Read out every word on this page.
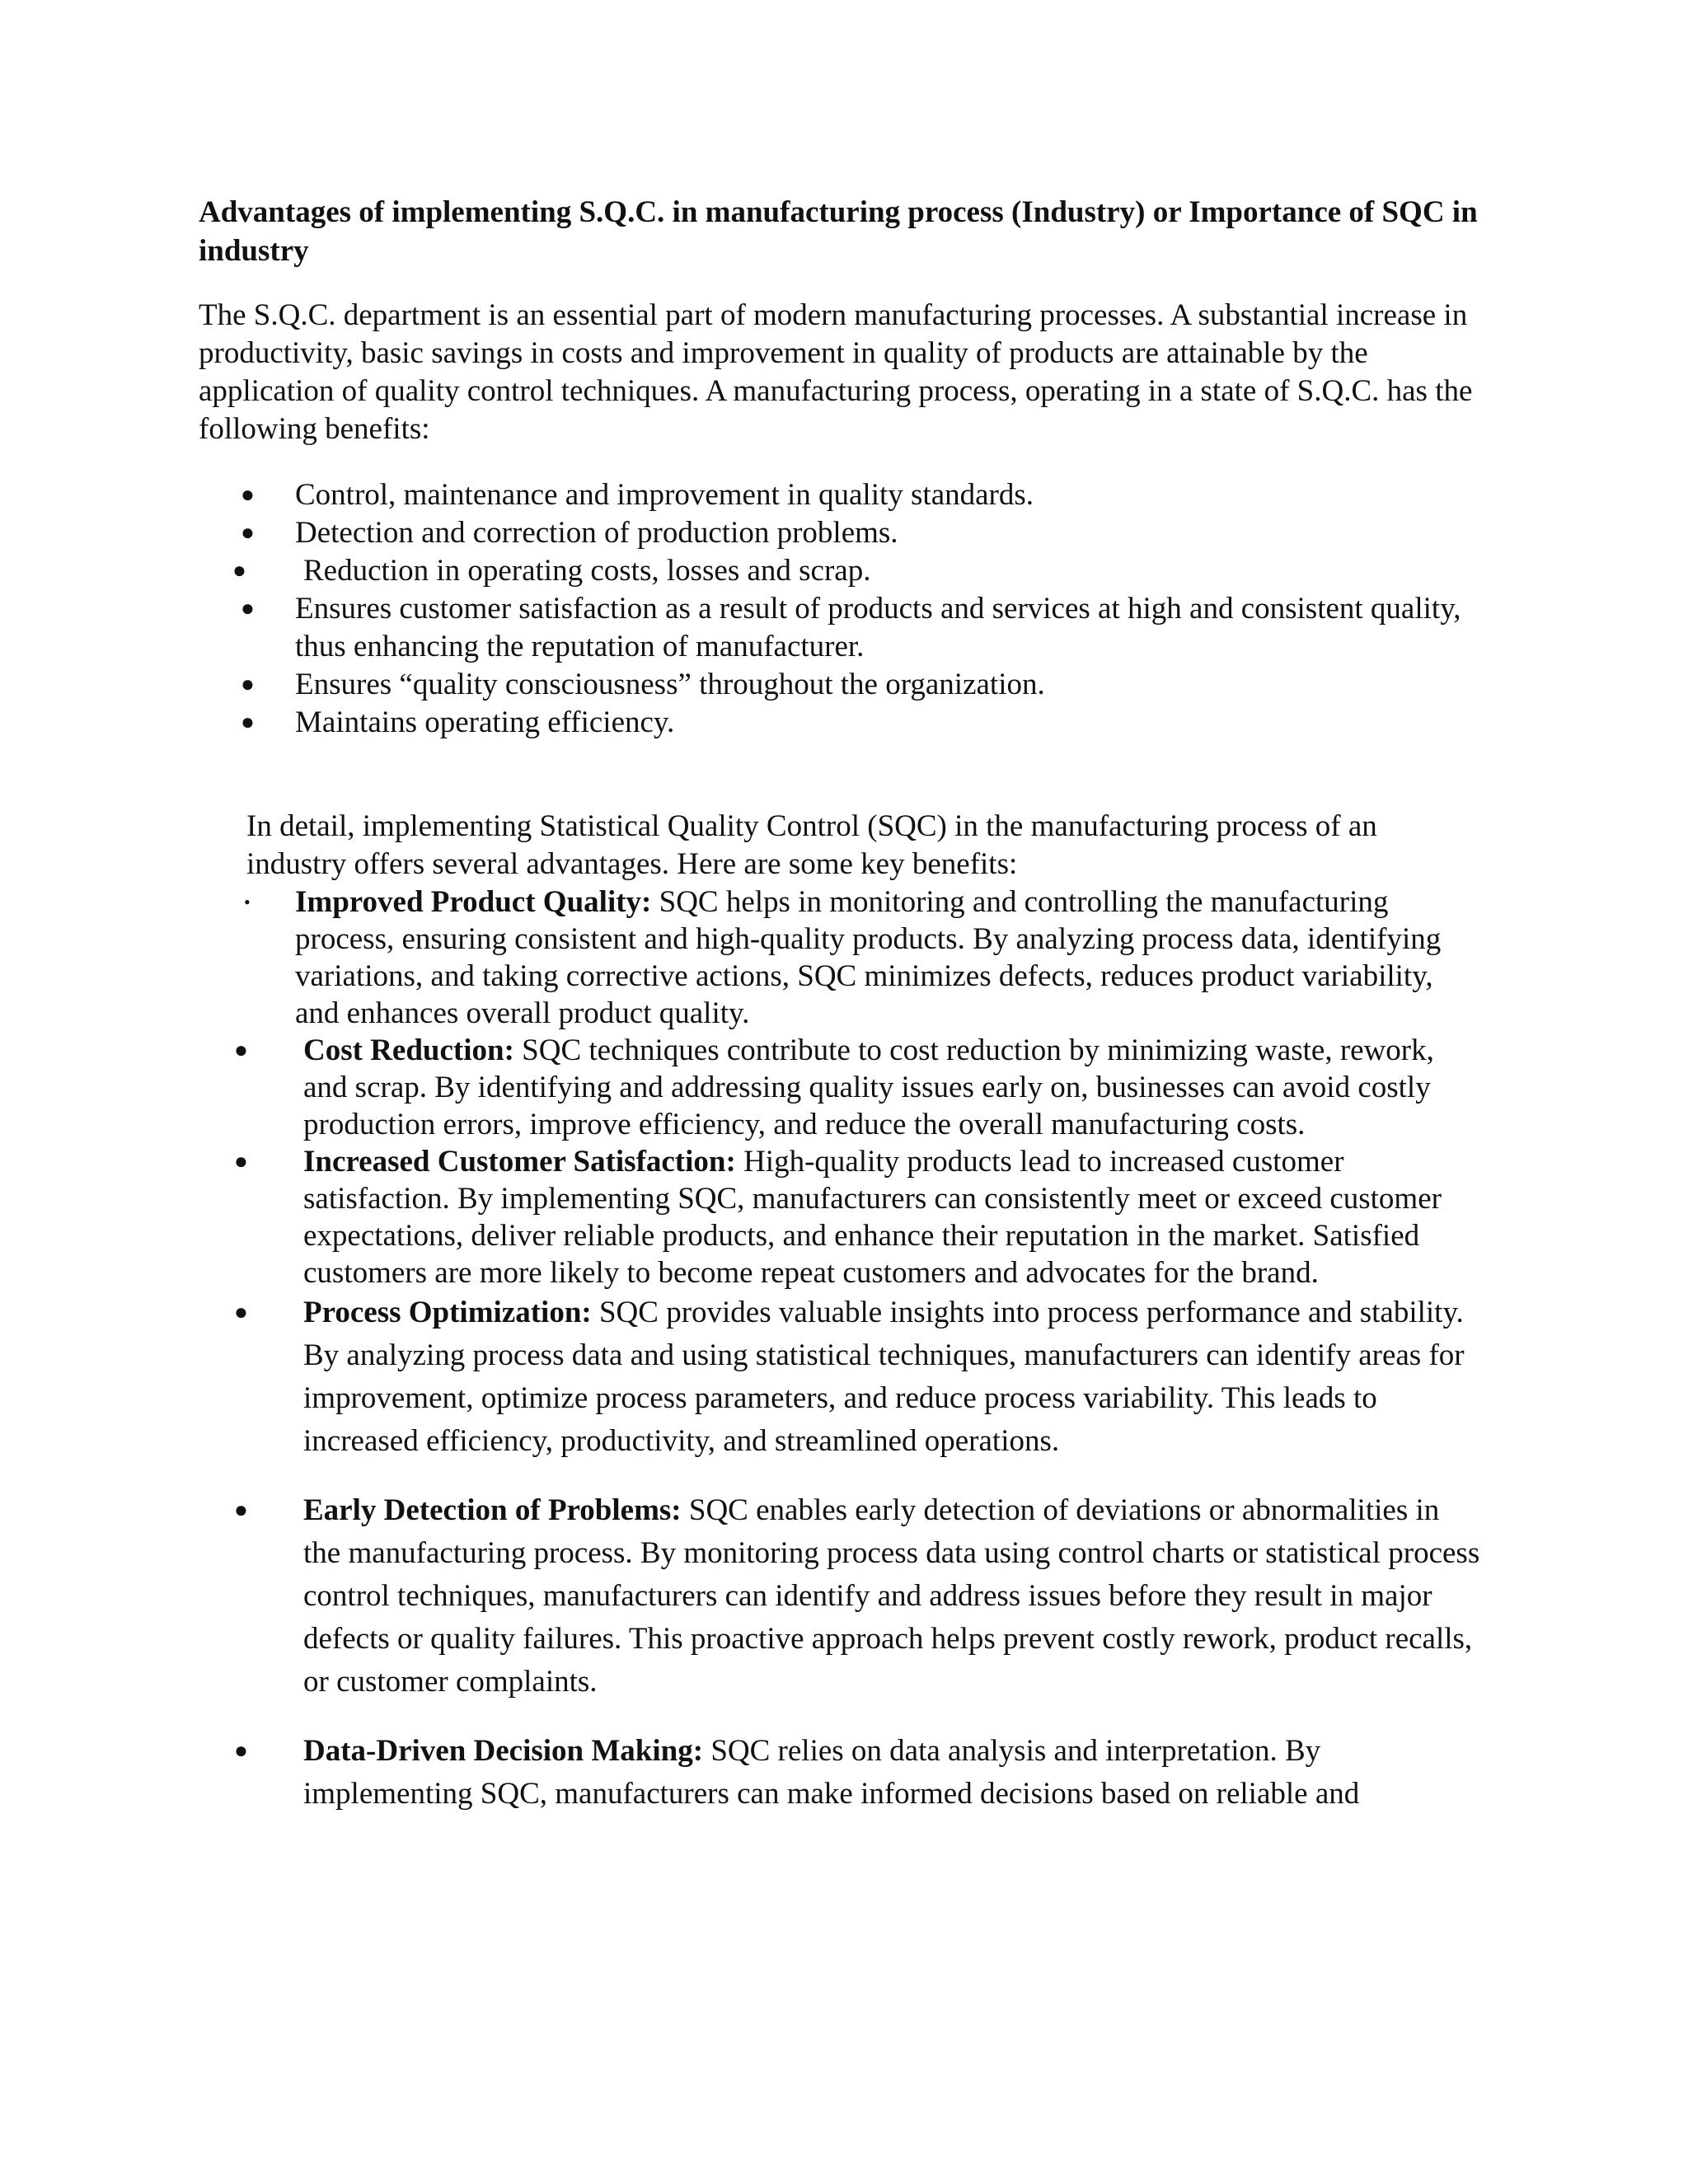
Advantages of implementing S.Q.C. in manufacturing process (Industry) or Importance of SQC in industry

The S.Q.C. department is an essential part of modern manufacturing processes. A substantial increase in productivity, basic savings in costs and improvement in quality of products are attainable by the application of quality control techniques. A manufacturing process, operating in a state of S.Q.C. has the following benefits:

● Control, maintenance and improvement in quality standards.
● Detection and correction of production problems.
● Reduction in operating costs, losses and scrap.
● Ensures customer satisfaction as a result of products and services at high and consistent quality, thus enhancing the reputation of manufacturer.
● Ensures “quality consciousness” throughout the organization.
● Maintains operating efficiency.

In detail, implementing Statistical Quality Control (SQC) in the manufacturing process of an industry offers several advantages. Here are some key benefits:

• Improved Product Quality: SQC helps in monitoring and controlling the manufacturing process, ensuring consistent and high-quality products. By analyzing process data, identifying variations, and taking corrective actions, SQC minimizes defects, reduces product variability, and enhances overall product quality.
● Cost Reduction: SQC techniques contribute to cost reduction by minimizing waste, rework, and scrap. By identifying and addressing quality issues early on, businesses can avoid costly production errors, improve efficiency, and reduce the overall manufacturing costs.
● Increased Customer Satisfaction: High-quality products lead to increased customer satisfaction. By implementing SQC, manufacturers can consistently meet or exceed customer expectations, deliver reliable products, and enhance their reputation in the market. Satisfied customers are more likely to become repeat customers and advocates for the brand.
● Process Optimization: SQC provides valuable insights into process performance and stability. By analyzing process data and using statistical techniques, manufacturers can identify areas for improvement, optimize process parameters, and reduce process variability. This leads to increased efficiency, productivity, and streamlined operations.
● Early Detection of Problems: SQC enables early detection of deviations or abnormalities in the manufacturing process. By monitoring process data using control charts or statistical process control techniques, manufacturers can identify and address issues before they result in major defects or quality failures. This proactive approach helps prevent costly rework, product recalls, or customer complaints.
● Data-Driven Decision Making: SQC relies on data analysis and interpretation. By implementing SQC, manufacturers can make informed decisions based on reliable and
